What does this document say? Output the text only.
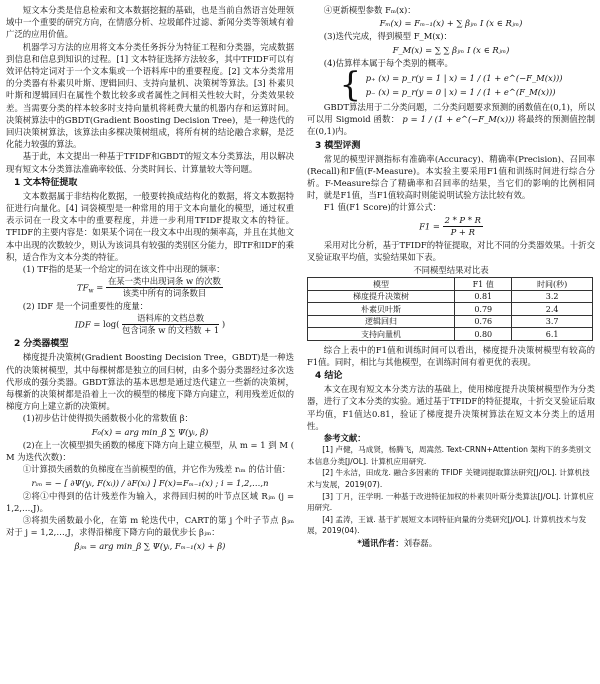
短文本分类是信息检索和文本数据挖掘的基础，也是当前自然语言处理领域中一个重要的研究方向，在情感分析、垃圾邮件过滤、新闻分类等领域有着广泛的应用价值。

机器学习方法的应用将文本分类任务拆分为特征工程和分类器，完成数据到信息和信息到知识的过程。[1] 文本特征选择方法较多，其中TFIDF可以有效评估特定词对于一个文本集或一个语料库中的重要程度。[2] 文本分类常用的分类器有朴素贝叶斯、逻辑回归、支持向量机、决策树等算法。[3] 朴素贝叶斯和逻辑回归在属性个数比较多或者属性之间相关性较大时，分类效果较差。当需要分类的样本较多时支持向量机将耗费大量的机器内存和运算时间。决策树算法中的GBDT(Gradient Boosting Decision Tree)，是一种迭代的回归决策树算法，该算法由多棵决策树组成，将所有树的结论融合求解，是泛化能力较强的算法。

基于此，本文提出一种基于TFIDF和GBDT的短文本分类算法，用以解决现有短文本分类算法准确率较低、分类时间长、计算量较大等问题。

1 文本特征提取

文本数据属于非结构化数据，一般要转换成结构化的数据，将文本数据特征进行向量化。[4] 词袋模型是一种常用的用于文本向量化的模型，通过权重表示词在一段文本中的重要程度，并进一步利用TFIDF提取文本的特征。TFIDF的主要内容是：如果某个词在一段文本中出现的频率高，并且在其他文本中出现的次数较少，则认为该词具有较强的类别区分能力，即TF和IDF的乘积，适合作为文本分类的特征。

(1) TF指的是某一个给定的词在该文件中出现的频率：

$TF_w = \frac{\text{在某一类中出现词条 w 的次数}}{\text{该类中所有的词条数目}}$

(2) IDF 是一个词重要性的度量：

IDF = $\log( \frac{\text{语料库的文档总数}}{\text{包含词条 w 的文档数 + 1}}$ )
2 分类器模型

梯度提升决策树(Gradient Boosting Decision Tree，GBDT)是一种迭代的决策树模型，其中每棵树都是独立的回归树，由多个弱分类器经过多次迭代形成的强分类器。GBDT算法的基本思想是通过迭代建立一些新的决策树，每棵新的决策树都是沿着上一次的模型的梯度下降方向建立，利用残差近似的梯度方向上建立新的决策树。

(1)初步估计使得损失函数极小化的常数值 β：

F₀(x) = arg min_β ∑ Ψ(yᵢ, β)

(2)在上一次模型损失函数的梯度下降方向上建立模型，从 m = 1 到 M ( M 为迭代次数)：

①计算损失函数的负梯度在当前模型的值，并它作为残差 rᵢₘ 的估计值：

rᵢₘ = − [ ∂Ψ(yᵢ, F(xᵢ)) / ∂F(xᵢ) ] F(x)=Fₘ₋₁(x) ; i = 1,2,…,n

②将①中得到的估计残差作为输入，求得回归树的叶节点区域 Rⱼₘ (j = 1,2,…,J)。

③将损失函数最小化，在第 m 轮迭代中，CART的第 j 个叶子节点 βⱼₘ 对于 j = 1,2,…,J，求得沿梯度下降方向的最优步长 βⱼₘ：

βⱼₘ = arg min_β ∑ Ψ(yᵢ, Fₘ₋₁(x) + β)

④更新模型参数 Fₘ(x)：

Fₘ(x) = Fₘ₋₁(x) + ∑ βⱼₘ I (x ∈ Rⱼₘ)

(3)迭代完成，得到模型 F_M(x)：

F_M(x) = ∑ ∑ βⱼₘ I (x ∈ Rⱼₘ)

(4)估算样本属于每个类别的概率。

{ p₊ (x) = p_r(y = 1 | x) = 1 / (1 + e^(−F_M(x)))
p₋ (x) = p_r(y = 0 | x) = 1 / (1 + e^(F_M(x)))

GBDT算法用于二分类问题，二分类问题要求预测的函数值在(0,1)，所以可以用 Sigmoid 函数： p = 1 / (1 + e^(−F_M(x))) 将最终的预测值控制在(0,1)内。

3 模型评测

常见的模型评测指标有准确率(Accuracy)、精确率(Precision)、召回率(Recall)和F值(F-Measure)。本实验主要采用F1值和训练时间进行综合分析。F-Measure综合了精确率和召回率的结果，当它们的影响的比例相同时，就是F1值，当F1值较高时则能说明试验方法比较有效。

F1 值(F1 Score)的计算公式：

$F1 = \frac{2 * P * R}{P + R}$

采用对比分析，基于TFIDF的特征提取，对比不同的分类器效果。十折交叉验证取平均值，实验结果如下表。

不同模型结果对比表
模型	F1 值	时间(秒)
梯度提升决策树	0.81	3.2
朴素贝叶斯	0.79	2.4
逻辑回归	0.76	3.7
支持向量机	0.80	6.1

综合上表中的F1值和训练时间可以看出，梯度提升决策树模型有较高的F1值。同时，相比与其他模型，在训练时间有着更优的表现。

4 结论

本文在现有短文本分类方法的基础上，使用梯度提升决策树模型作为分类器，进行了文本分类的实验。通过基于TFIDF的特征提取，十折交叉验证后取平均值，F1值达0.81，验证了梯度提升决策树算法在短文本分类上的适用性。

参考文献：

[1] 卢健，马成贤，杨腾飞，周嵩然. Text-CRNN+Attention 架构下的多类别文本信息分类[J/OL]. 计算机应用研究.

[2] 牛永洁，田成龙. 融合多因素的 TFIDF 关键词提取算法研究[J/OL]. 计算机技术与发展，2019(07).

[3] 丁月，汪学明. 一种基于改进特征加权的朴素贝叶斯分类算法[J/OL]. 计算机应用研究.

[4] 孟涛，王诚. 基于扩展短文本词特征向量的分类研究[J/OL]. 计算机技术与发展，2019(04).

*通讯作者：刘春磊。
